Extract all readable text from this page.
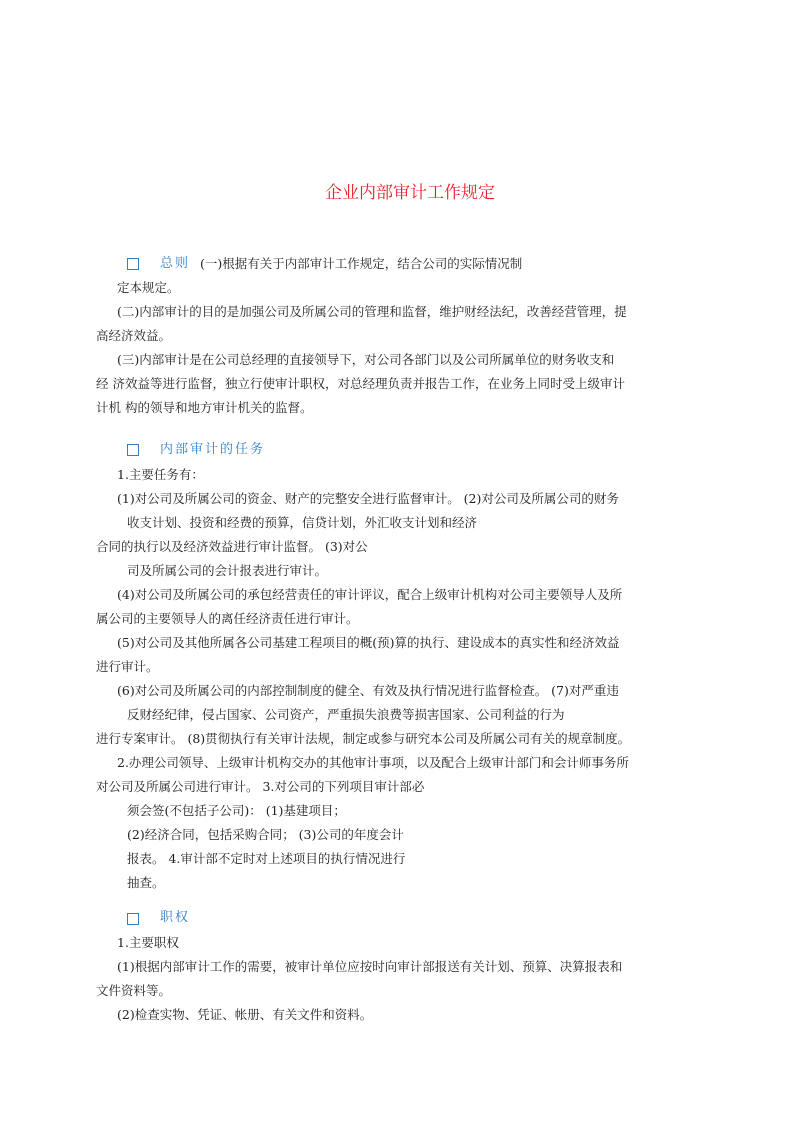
企业内部审计工作规定
总则 (一)根据有关于内部审计工作规定，结合公司的实际情况制
定本规定。
(二)内部审计的目的是加强公司及所属公司的管理和监督，维护财经法纪，改善经营管理，提
高经济效益。
(三)内部审计是在公司总经理的直接领导下，对公司各部门以及公司所属单位的财务收支和
经 济效益等进行监督，独立行使审计职权，对总经理负责并报告工作，在业务上同时受上级审计
计机 构的领导和地方审计机关的监督。
内部审计的任务
1.主要任务有：
(1)对公司及所属公司的资金、财产的完整安全进行监督审计。 (2)对公司及所属公司的财务
收支计划、投资和经费的预算，信贷计划，外汇收支计划和经济
合同的执行以及经济效益进行审计监督。 (3)对公
司及所属公司的会计报表进行审计。
(4)对公司及所属公司的承包经营责任的审计评议，配合上级审计机构对公司主要领导人及所
属公司的主要领导人的离任经济责任进行审计。
(5)对公司及其他所属各公司基建工程项目的概(预)算的执行、建设成本的真实性和经济效益
进行审计。
(6)对公司及所属公司的内部控制制度的健全、有效及执行情况进行监督检查。 (7)对严重违
反财经纪律，侵占国家、公司资产，严重损失浪费等损害国家、公司利益的行为
进行专案审计。 (8)贯彻执行有关审计法规，制定或参与研究本公司及所属公司有关的规章制度。
2.办理公司领导、上级审计机构交办的其他审计事项，以及配合上级审计部门和会计师事务所
对公司及所属公司进行审计。 3.对公司的下列项目审计部必
须会签(不包括子公司)： (1)基建项目；
(2)经济合同，包括采购合同； (3)公司的年度会计
报表。 4.审计部不定时对上述项目的执行情况进行
抽查。
职权
1.主要职权
(1)根据内部审计工作的需要，被审计单位应按时向审计部报送有关计划、预算、决算报表和
文件资料等。
(2)检查实物、凭证、帐册、有关文件和资料。
